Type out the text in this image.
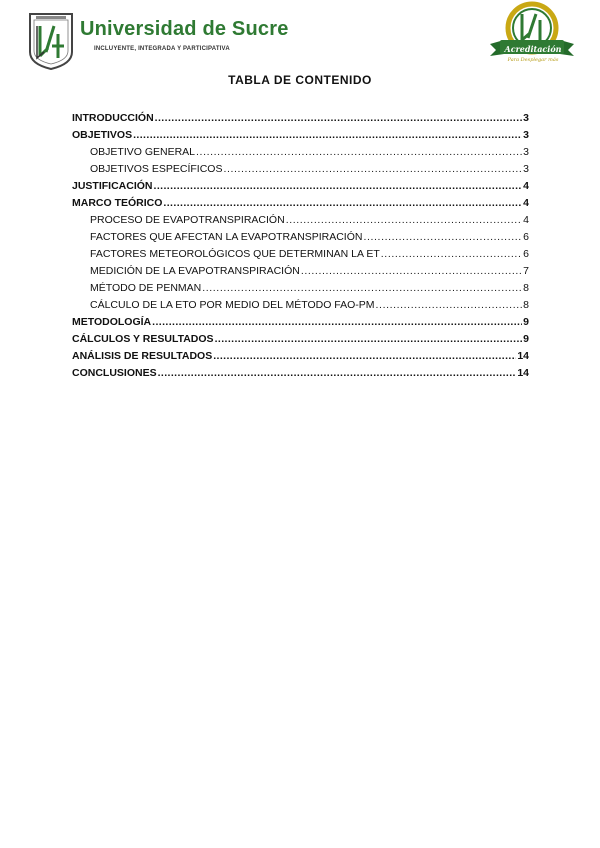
Universidad de Sucre
INCLUYENTE, INTEGRADA Y PARTICIPATIVA	Acreditación
Para Desplegar más
TABLA DE CONTENIDO
INTRODUCCIÓN .....	3
OBJETIVOS .....	3
OBJETIVO GENERAL .....	3
OBJETIVOS ESPECÍFICOS .....	3
JUSTIFICACIÓN .....	4
MARCO TEÓRICO .....	4
PROCESO DE EVAPOTRANSPIRACIÓN .....	4
FACTORES QUE AFECTAN LA EVAPOTRANSPIRACIÓN .....	6
FACTORES METEOROLÓGICOS QUE DETERMINAN LA ET .....	6
MEDICIÓN DE LA EVAPOTRANSPIRACIÓN .....	7
MÉTODO DE PENMAN .....	8
CÁLCULO DE LA ETO POR MEDIO DEL MÉTODO FAO-PM .....	8
METODOLOGÍA .....	9
CÁLCULOS Y RESULTADOS .....	9
ANÁLISIS DE RESULTADOS .....	14
CONCLUSIONES .....	14
